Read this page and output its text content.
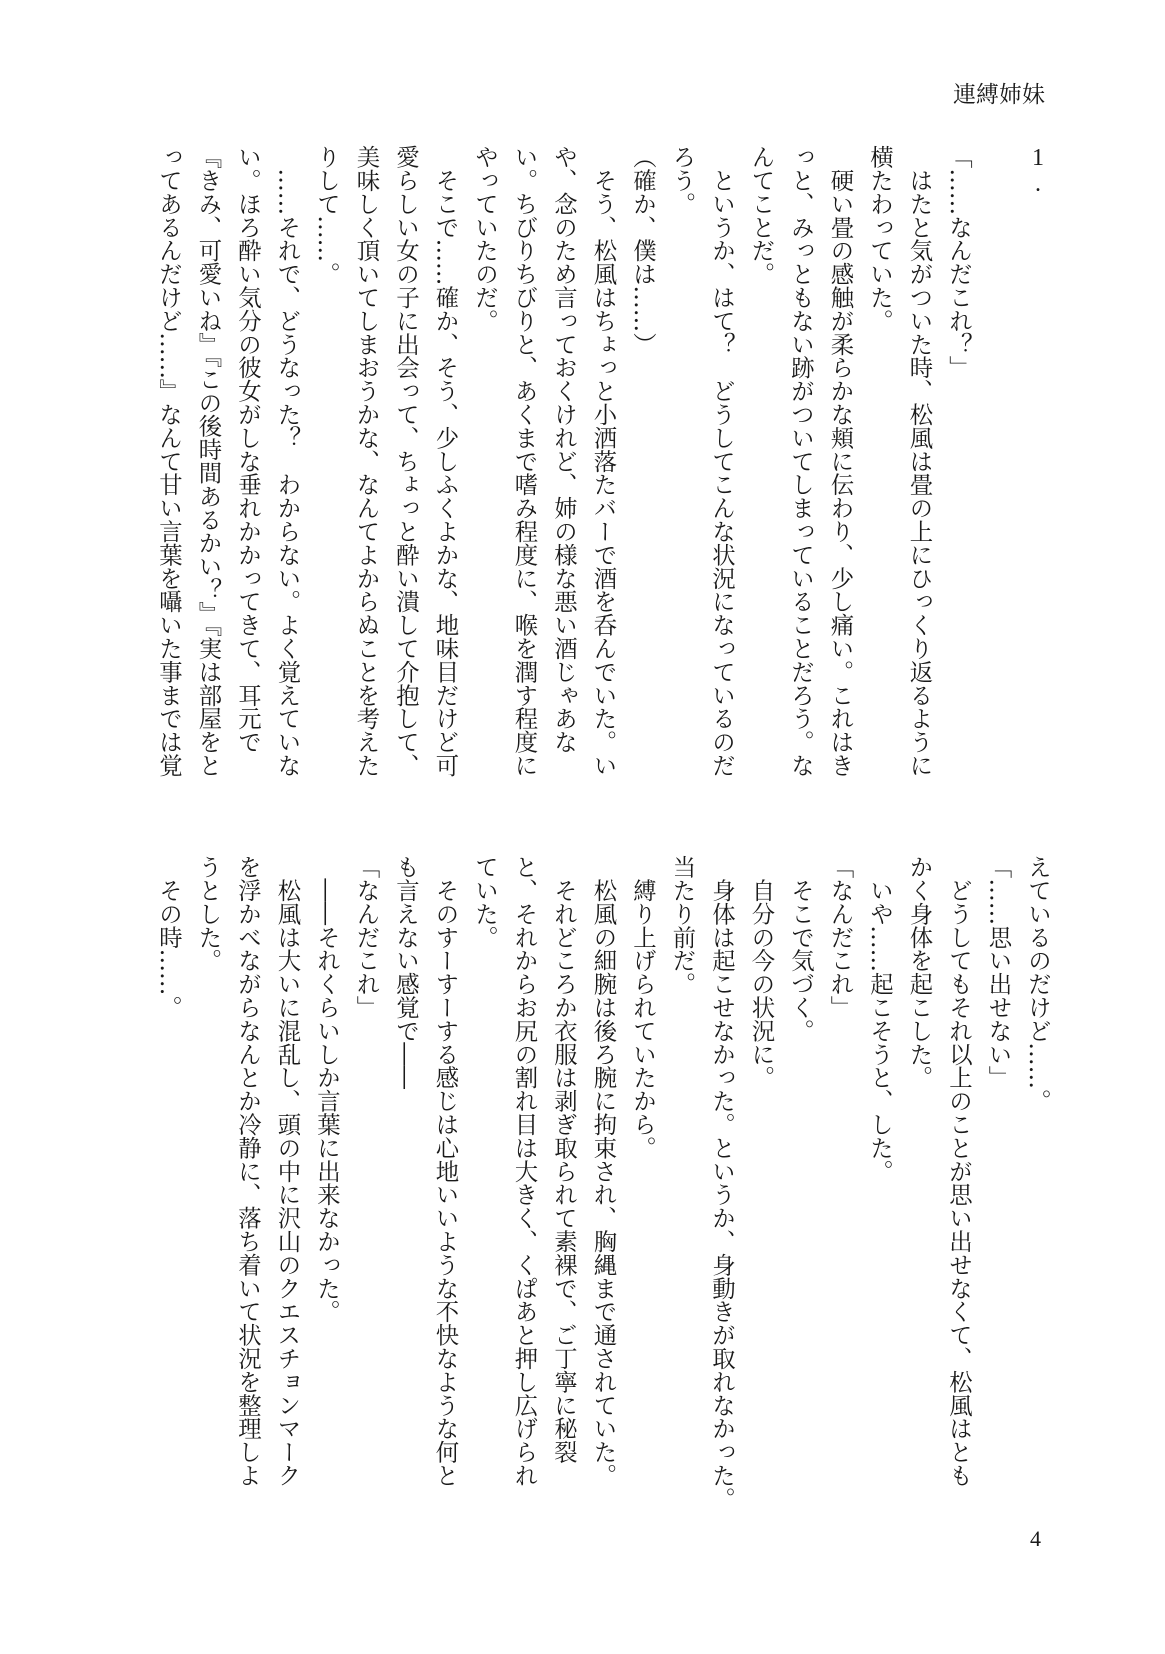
連縛姉妹
1.
「……なんだこれ？」
　はたと気がついた時、松風は畳の上にひっくり返るように
横たわっていた。
　硬い畳の感触が柔らかな頬に伝わり、少し痛い。これはき
っと、みっともない跡がついてしまっていることだろう。な
んてことだ。
　というか、はて？　どうしてこんな状況になっているのだ
ろう。
（確か、僕は……）
　そう、松風はちょっと小洒落たバーで酒を呑んでいた。い
や、念のため言っておくけれど、姉の様な悪い酒じゃあな
い。ちびりちびりと、あくまで嗜み程度に、喉を潤す程度に
やっていたのだ。
　そこで……確か、そう、少しふくよかな、地味目だけど可
愛らしい女の子に出会って、ちょっと酔い潰して介抱して、
美味しく頂いてしまおうかな、なんてよからぬことを考えた
りして……。
　……それで、どうなった？　わからない。よく覚えていな
い。ほろ酔い気分の彼女がしな垂れかかってきて、耳元で
『きみ、可愛いね』『この後時間あるかい？』『実は部屋をと
ってあるんだけど……』なんて甘い言葉を囁いた事までは覚
えているのだけど……。
「……思い出せない」
　どうしてもそれ以上のことが思い出せなくて、松風はとも
かく身体を起こした。
　いや……起こそうと、した。
「なんだこれ」
　そこで気づく。
　自分の今の状況に。
　身体は起こせなかった。というか、身動きが取れなかった。
当たり前だ。
　縛り上げられていたから。
　松風の細腕は後ろ腕に拘束され、胸縄まで通されていた。
　それどころか衣服は剥ぎ取られて素裸で、ご丁寧に秘裂
と、それからお尻の割れ目は大きく、くぱあと押し広げられ
ていた。
　そのすーすーする感じは心地いいような不快なような何と
も言えない感覚で――
「なんだこれ」
　――それくらいしか言葉に出来なかった。
　松風は大いに混乱し、頭の中に沢山のクエスチョンマーク
を浮かべながらなんとか冷静に、落ち着いて状況を整理しよ
うとした。
　その時……。
4
